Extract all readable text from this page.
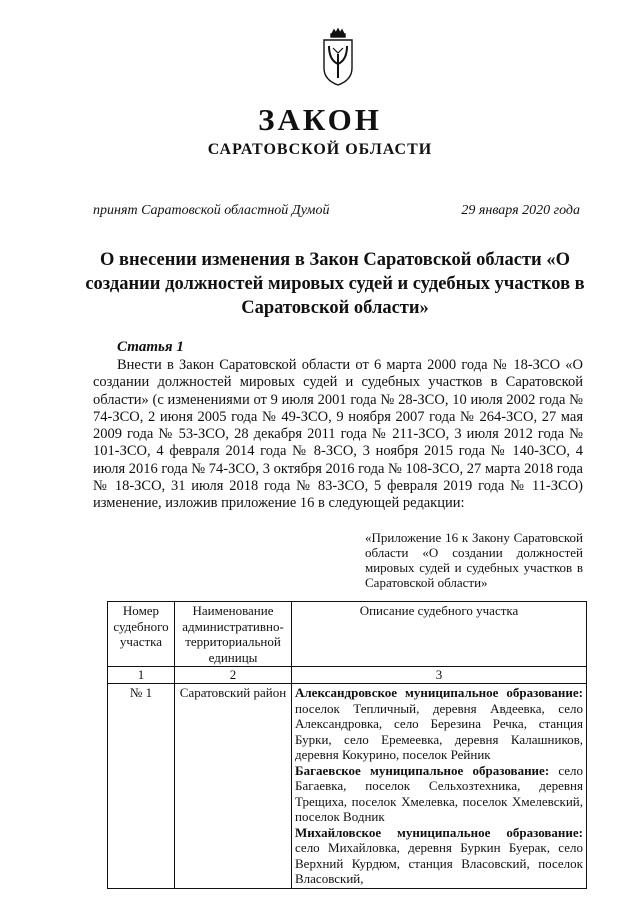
ЗАКОН
САРАТОВСКОЙ ОБЛАСТИ
принят Саратовской областной Думой	29 января 2020 года
О внесении изменения в Закон Саратовской области «О создании должностей мировых судей и судебных участков в Саратовской области»
Статья 1

Внести в Закон Саратовской области от 6 марта 2000 года № 18-ЗСО «О создании должностей мировых судей и судебных участков в Саратовской области» (с изменениями от 9 июля 2001 года № 28-ЗСО, 10 июля 2002 года № 74-ЗСО, 2 июня 2005 года № 49-ЗСО, 9 ноября 2007 года № 264-ЗСО, 27 мая 2009 года № 53-ЗСО, 28 декабря 2011 года № 211-ЗСО, 3 июля 2012 года № 101-ЗСО, 4 февраля 2014 года № 8-ЗСО, 3 ноября 2015 года № 140-ЗСО, 4 июля 2016 года № 74-ЗСО, 3 октября 2016 года № 108-ЗСО, 27 марта 2018 года № 18-ЗСО, 31 июля 2018 года № 83-ЗСО, 5 февраля 2019 года № 11-ЗСО) изменение, изложив приложение 16 в следующей редакции:

«Приложение 16 к Закону Саратовской области «О создании должностей мировых судей и судебных участков в Саратовской области»

Номер судебного участка	Наименование административно-территориальной единицы	Описание судебного участка
1	2	3
№ 1	Саратовский район	Александровское муниципальное образование: поселок Тепличный, деревня Авдеевка, село Александровка, село Березина Речка, станция Бурки, село Еремеевка, деревня Калашников, деревня Кокурино, поселок Рейник

Багаевское муниципальное образование: село Багаевка, поселок Сельхозтехника, деревня Трещиха, поселок Хмелевка, поселок Хмелевский, поселок Водник

Михайловское муниципальное образование: село Михайловка, деревня Буркин Буерак, село Верхний Курдюм, станция Власовский, поселок Власовский,
